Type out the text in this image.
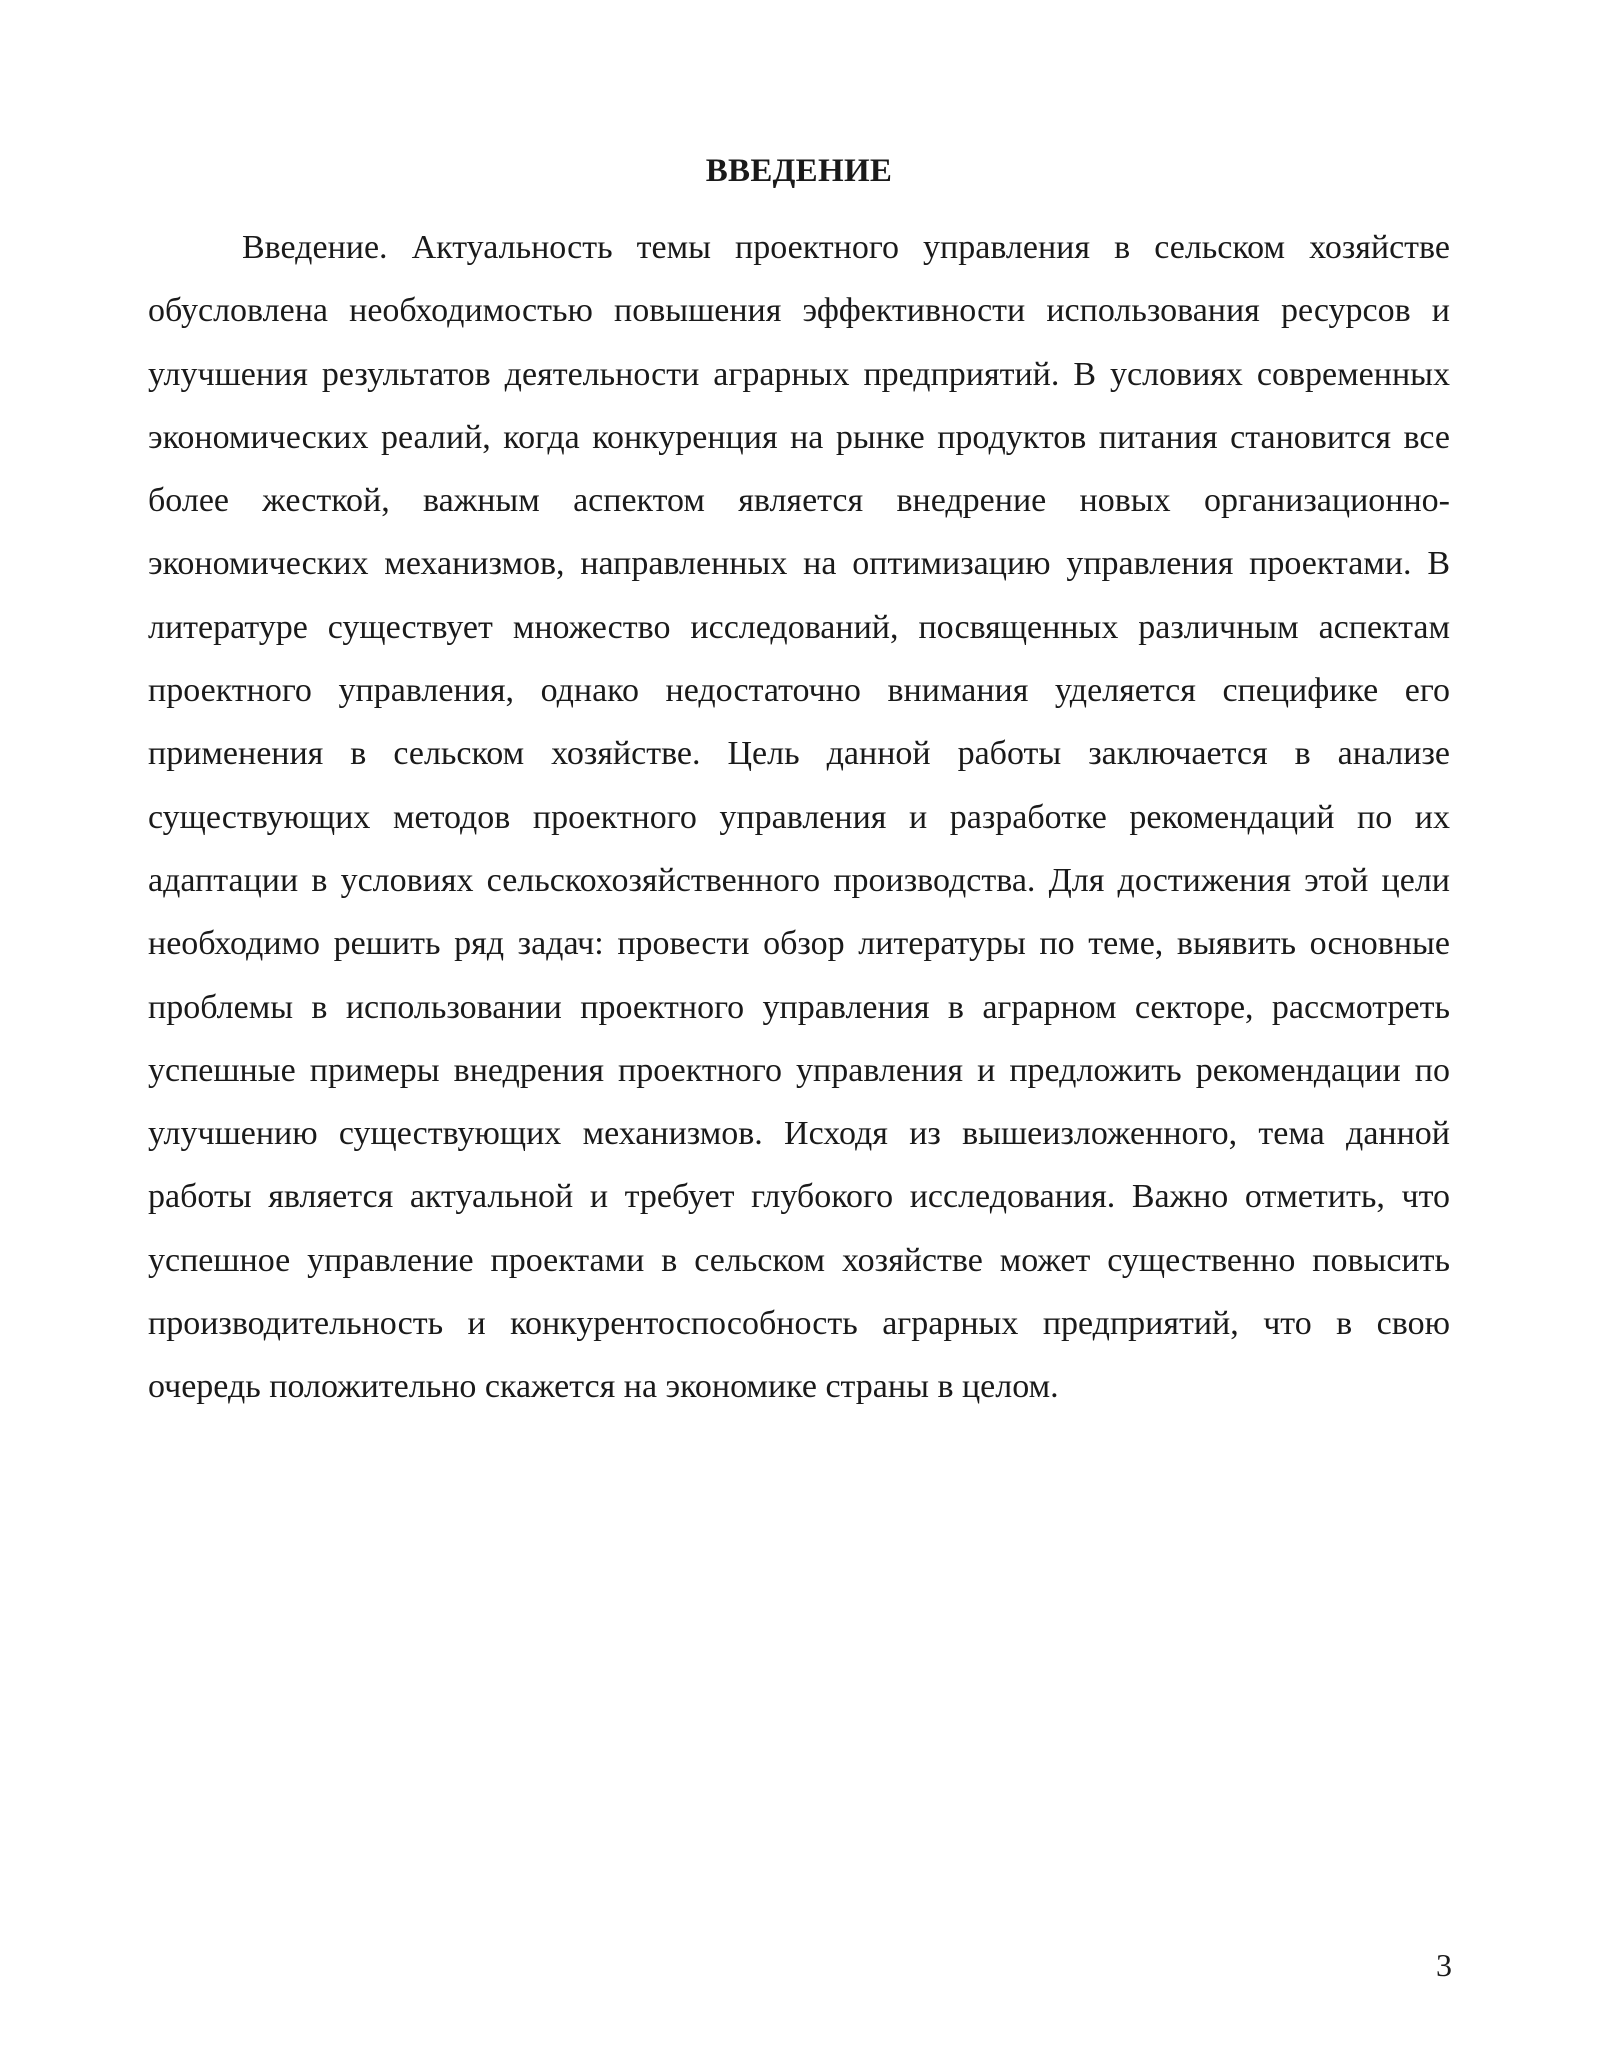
ВВЕДЕНИЕ

Введение. Актуальность темы проектного управления в сельском хозяйстве обусловлена необходимостью повышения эффективности использования ресурсов и улучшения результатов деятельности аграрных предприятий. В условиях современных экономических реалий, когда конкуренция на рынке продуктов питания становится все более жесткой, важным аспектом является внедрение новых организационно-экономических механизмов, направленных на оптимизацию управления проектами. В литературе существует множество исследований, посвященных различным аспектам проектного управления, однако недостаточно внимания уделяется специфике его применения в сельском хозяйстве. Цель данной работы заключается в анализе существующих методов проектного управления и разработке рекомендаций по их адаптации в условиях сельскохозяйственного производства. Для достижения этой цели необходимо решить ряд задач: провести обзор литературы по теме, выявить основные проблемы в использовании проектного управления в аграрном секторе, рассмотреть успешные примеры внедрения проектного управления и предложить рекомендации по улучшению существующих механизмов. Исходя из вышеизложенного, тема данной работы является актуальной и требует глубокого исследования. Важно отметить, что успешное управление проектами в сельском хозяйстве может существенно повысить производительность и конкурентоспособность аграрных предприятий, что в свою очередь положительно скажется на экономике страны в целом.

3
